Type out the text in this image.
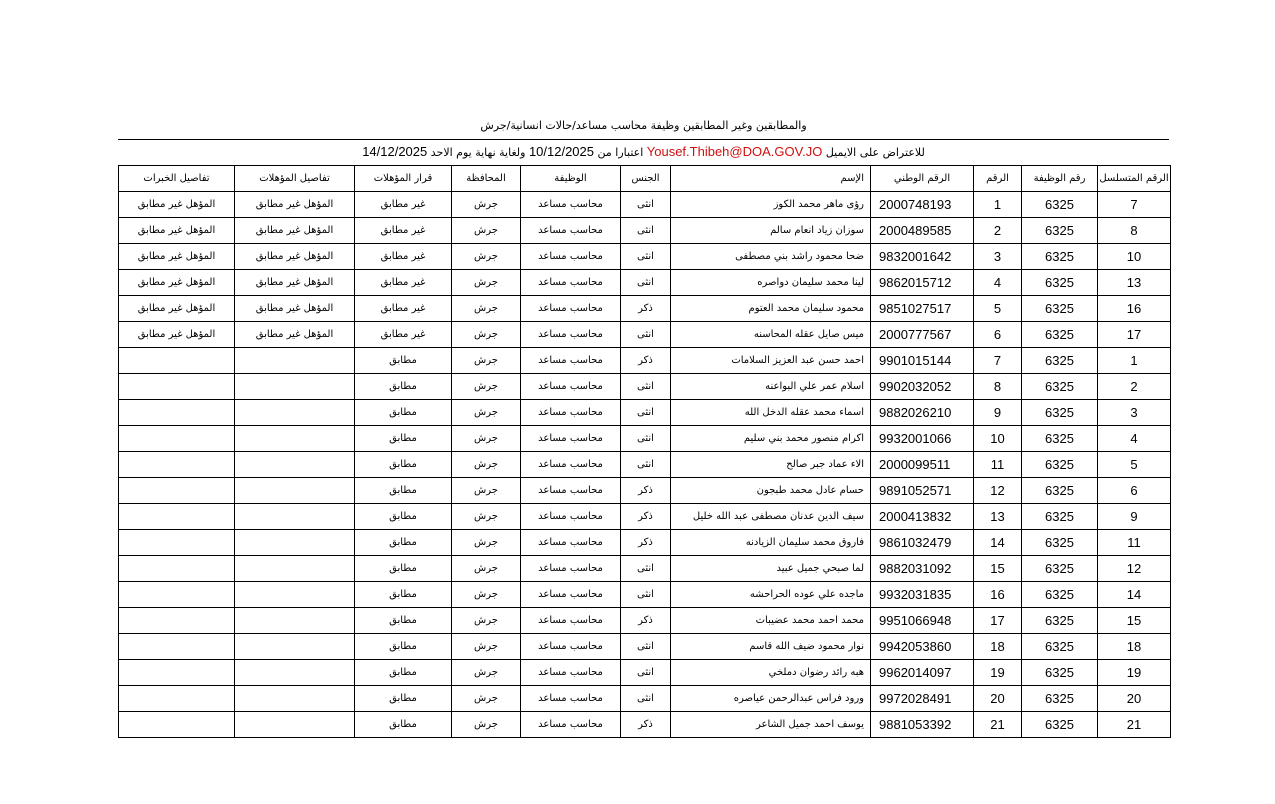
والمطابقين وغير المطابقين وظيفة محاسب مساعد/حالات انسانية/جرش
14/12/2025 ولغاية نهاية يوم الاحد 10/12/2025 اعتبارا من Yousef.Thibeh@DOA.GOV.JO للاعتراض على الايميل
تفاصيل الخبرات	تفاصيل المؤهلات	قرار المؤهلات	المحافظة	الوظيفة	الجنس	الإسم	الرقم الوطني	الرقم	رقم الوظيفة	الرقم المتسلسل
المؤهل غير مطابق	المؤهل غير مطابق	غير مطابق	جرش	محاسب مساعد	انثى	رؤى ماهر محمد الكوز	2000748193	1	6325	7
المؤهل غير مطابق	المؤهل غير مطابق	غير مطابق	جرش	محاسب مساعد	انثى	سوزان زياد انعام سالم	2000489585	2	6325	8
المؤهل غير مطابق	المؤهل غير مطابق	غير مطابق	جرش	محاسب مساعد	انثى	ضحا محمود راشد بني مصطفى	9832001642	3	6325	10
المؤهل غير مطابق	المؤهل غير مطابق	غير مطابق	جرش	محاسب مساعد	انثى	لينا محمد سليمان دواصره	9862015712	4	6325	13
المؤهل غير مطابق	المؤهل غير مطابق	غير مطابق	جرش	محاسب مساعد	ذكر	محمود سليمان محمد العتوم	9851027517	5	6325	16
المؤهل غير مطابق	المؤهل غير مطابق	غير مطابق	جرش	محاسب مساعد	انثى	ميس صايل عقله المحاسنه	2000777567	6	6325	17
		مطابق	جرش	محاسب مساعد	ذكر	احمد حسن عبد العزيز السلامات	9901015144	7	6325	1
		مطابق	جرش	محاسب مساعد	انثى	اسلام عمر علي البواعنه	9902032052	8	6325	2
		مطابق	جرش	محاسب مساعد	انثى	اسماء محمد عقله الدخل الله	9882026210	9	6325	3
		مطابق	جرش	محاسب مساعد	انثى	اكرام منصور محمد بني سليم	9932001066	10	6325	4
		مطابق	جرش	محاسب مساعد	انثى	الاء عماد جبر صالح	2000099511	11	6325	5
		مطابق	جرش	محاسب مساعد	ذكر	حسام عادل محمد طبجون	9891052571	12	6325	6
		مطابق	جرش	محاسب مساعد	ذكر	سيف الدين عدنان مصطفى عبد الله خليل	2000413832	13	6325	9
		مطابق	جرش	محاسب مساعد	ذكر	فاروق محمد سليمان الزيادنه	9861032479	14	6325	11
		مطابق	جرش	محاسب مساعد	انثى	لما صبحي جميل عبيد	9882031092	15	6325	12
		مطابق	جرش	محاسب مساعد	انثى	ماجده علي عوده الحراحشه	9932031835	16	6325	14
		مطابق	جرش	محاسب مساعد	ذكر	محمد احمد محمد عضيبات	9951066948	17	6325	15
		مطابق	جرش	محاسب مساعد	انثى	نوار محمود ضيف الله قاسم	9942053860	18	6325	18
		مطابق	جرش	محاسب مساعد	انثى	هبه رائد رضوان دملخي	9962014097	19	6325	19
		مطابق	جرش	محاسب مساعد	انثى	ورود فراس عبدالرحمن عياصره	9972028491	20	6325	20
		مطابق	جرش	محاسب مساعد	ذكر	يوسف احمد جميل الشاعر	9881053392	21	6325	21
